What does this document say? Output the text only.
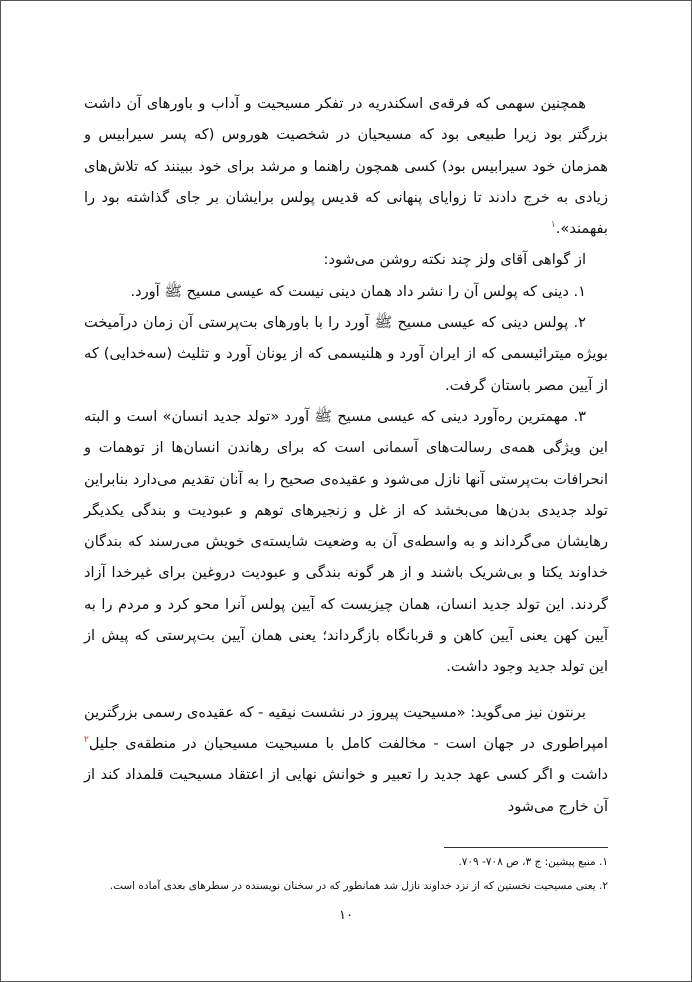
همچنین سهمی که فرقه‌ی اسکندریه در تفکر مسیحیت و آداب و باورهای آن داشت بزرگتر بود زیرا طبیعی بود که مسیحیان در شخصیت هوروس (که پسر سیرابیس و همزمان خود سیرابیس بود) کسی همچون راهنما و مرشد برای خود ببینند که تلاش‌های زیادی به خرج دادند تا زوایای پنهانی که قدیس پولس برایشان بر جای گذاشته بود را بفهمند».$^۱$

از گواهی آقای ولز چند نکته روشن می‌شود:

۱. دینی که پولس آن را نشر داد همان دینی نیست که عیسی مسیح ﷺ آورد.

۲. پولس دینی که عیسی مسیح ﷺ آورد را با باورهای بت‌پرستی آن زمان درآمیخت بویژه میترائیسمی که از ایران آورد و هلنیسمی که از یونان آورد و تثلیث (سه‌خدایی) که از آیین مصر باستان گرفت.

۳. مهمترین ره‌آورد دینی که عیسی مسیح ﷺ آورد «تولد جدید انسان» است و البته این ویژگی همه‌ی رسالت‌های آسمانی است که برای رهاندن انسان‌ها از توهمات و انحرافات بت‌پرستی آنها نازل می‌شود و عقیده‌ی صحیح را به آنان تقدیم می‌دارد بنابراین تولد جدیدی بدن‌ها می‌بخشد که از غل و زنجیرهای توهم و عبودیت و بندگی یکدیگر رهایشان می‌گرداند و به واسطه‌ی آن به وضعیت شایسته‌ی خویش می‌رسند که بندگان خداوند یکتا و بی‌شریک باشند و از هر گونه بندگی و عبودیت دروغین برای غیرخدا آزاد گردند. این تولد جدید انسان، همان چیزیست که آیین پولس آنرا محو کرد و مردم را به آیین کهن یعنی آیین کاهن و قربانگاه بازگرداند؛ یعنی همان آیین بت‌پرستی که پیش از این تولد جدید وجود داشت.

برنتون نیز می‌گوید: «مسیحیت پیروز در نشست نیقیه - که عقیده‌ی رسمی بزرگترین امپراطوری در جهان است - مخالفت کامل با مسیحیت مسیحیان در منطقه‌ی جلیل$^۲$ داشت و اگر کسی عهد جدید را تعبیر و خوانش نهایی از اعتقاد مسیحیت قلمداد کند از آن خارج می‌شود

۱. منبع پیشین: ج ۳، ص ۷۰۸- ۷۰۹.

۲. یعنی مسیحیت نخستین که از نزد خداوند نازل شد همانطور که در سخنان نویسنده در سطرهای بعدی آماده است.

۱۰
